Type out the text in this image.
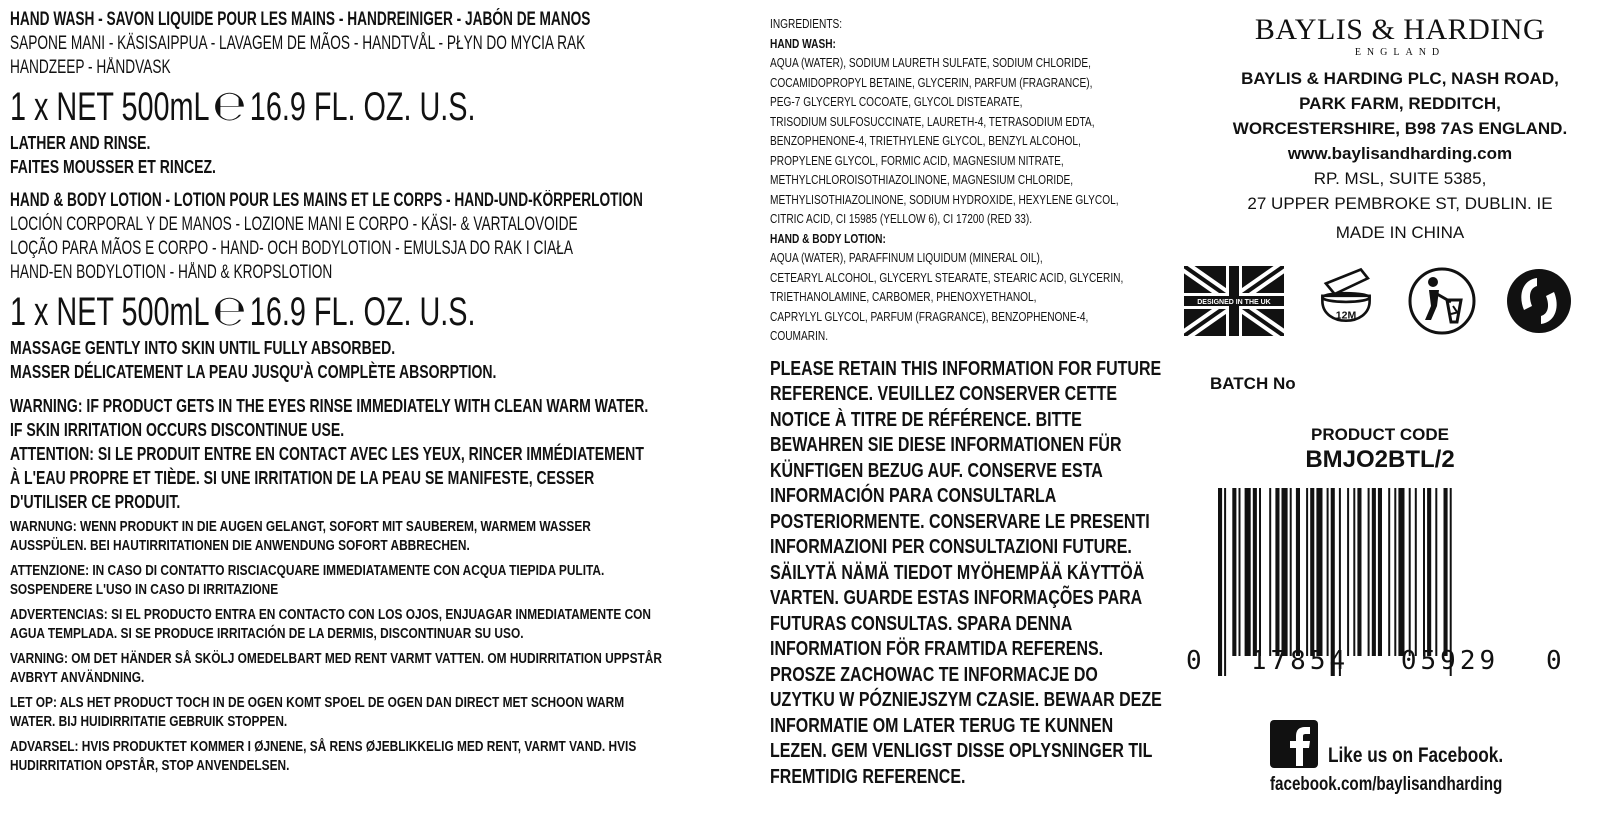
HAND WASH - SAVON LIQUIDE POUR LES MAINS - HANDREINIGER - JABÓN DE MANOS
SAPONE MANI - KÄSISAIPPUA - LAVAGEM DE MÃOS - HANDTVÅL - PŁYN DO MYCIA RAK
HANDZEEP - HÅNDVASK
1 x NET 500mL℮16.9 FL. OZ. U.S.
LATHER AND RINSE.
FAITES MOUSSER ET RINCEZ.
HAND & BODY LOTION - LOTION POUR LES MAINS ET LE CORPS - HAND-UND-KÖRPERLOTION
LOCIÓN CORPORAL Y DE MANOS - LOZIONE MANI E CORPO - KÄSI- & VARTALOVOIDE
LOÇÃO PARA MÃOS E CORPO - HAND- OCH BODYLOTION - EMULSJA DO RAK I CIAŁA
HAND-EN BODYLOTION - HÅND & KROPSLOTION
1 x NET 500mL℮16.9 FL. OZ. U.S.
MASSAGE GENTLY INTO SKIN UNTIL FULLY ABSORBED.
MASSER DÉLICATEMENT LA PEAU JUSQU'À COMPLÈTE ABSORPTION.
WARNING: IF PRODUCT GETS IN THE EYES RINSE IMMEDIATELY WITH CLEAN WARM WATER.
IF SKIN IRRITATION OCCURS DISCONTINUE USE.
ATTENTION: SI LE PRODUIT ENTRE EN CONTACT AVEC LES YEUX, RINCER IMMÉDIATEMENT
À L'EAU PROPRE ET TIÈDE. SI UNE IRRITATION DE LA PEAU SE MANIFESTE, CESSER
D'UTILISER CE PRODUIT.
WARNUNG: WENN PRODUKT IN DIE AUGEN GELANGT, SOFORT MIT SAUBEREM, WARMEM WASSER
AUSSPÜLEN. BEI HAUTIRRITATIONEN DIE ANWENDUNG SOFORT ABBRECHEN.
ATTENZIONE: IN CASO DI CONTATTO RISCIACQUARE IMMEDIATAMENTE CON ACQUA TIEPIDA PULITA.
SOSPENDERE L'USO IN CASO DI IRRITAZIONE
ADVERTENCIAS: SI EL PRODUCTO ENTRA EN CONTACTO CON LOS OJOS, ENJUAGAR INMEDIATAMENTE CON
AGUA TEMPLADA. SI SE PRODUCE IRRITACIÓN DE LA DERMIS, DISCONTINUAR SU USO.
VARNING: OM DET HÄNDER SÅ SKÖLJ OMEDELBART MED RENT VARMT VATTEN. OM HUDIRRITATION UPPSTÅR
AVBRYT ANVÄNDNING.
LET OP: ALS HET PRODUCT TOCH IN DE OGEN KOMT SPOEL DE OGEN DAN DIRECT MET SCHOON WARM
WATER. BIJ HUIDIRRITATIE GEBRUIK STOPPEN.
ADVARSEL: HVIS PRODUKTET KOMMER I ØJNENE, SÅ RENS ØJEBLIKKELIG MED RENT, VARMT VAND. HVIS
HUDIRRITATION OPSTÅR, STOP ANVENDELSEN.
INGREDIENTS:
HAND WASH:
AQUA (WATER), SODIUM LAURETH SULFATE, SODIUM CHLORIDE,
COCAMIDOPROPYL BETAINE, GLYCERIN, PARFUM (FRAGRANCE),
PEG-7 GLYCERYL COCOATE, GLYCOL DISTEARATE,
TRISODIUM SULFOSUCCINATE, LAURETH-4, TETRASODIUM EDTA,
BENZOPHENONE-4, TRIETHYLENE GLYCOL, BENZYL ALCOHOL,
PROPYLENE GLYCOL, FORMIC ACID, MAGNESIUM NITRATE,
METHYLCHLOROISOTHIAZOLINONE, MAGNESIUM CHLORIDE,
METHYLISOTHIAZOLINONE, SODIUM HYDROXIDE, HEXYLENE GLYCOL,
CITRIC ACID, CI 15985 (YELLOW 6), CI 17200 (RED 33).
HAND & BODY LOTION:
AQUA (WATER), PARAFFINUM LIQUIDUM (MINERAL OIL),
CETEARYL ALCOHOL, GLYCERYL STEARATE, STEARIC ACID, GLYCERIN,
TRIETHANOLAMINE, CARBOMER, PHENOXYETHANOL,
CAPRYLYL GLYCOL, PARFUM (FRAGRANCE), BENZOPHENONE-4,
COUMARIN.
PLEASE RETAIN THIS INFORMATION FOR FUTURE
REFERENCE. VEUILLEZ CONSERVER CETTE
NOTICE À TITRE DE RÉFÉRENCE. BITTE
BEWAHREN SIE DIESE INFORMATIONEN FÜR
KÜNFTIGEN BEZUG AUF. CONSERVE ESTA
INFORMACIÓN PARA CONSULTARLA
POSTERIORMENTE. CONSERVARE LE PRESENTI
INFORMAZIONI PER CONSULTAZIONI FUTURE.
SÄILYTÄ NÄMÄ TIEDOT MYÖHEMPÄÄ KÄYTTÖÄ
VARTEN. GUARDE ESTAS INFORMAÇÕES PARA
FUTURAS CONSULTAS. SPARA DENNA
INFORMATION FÖR FRAMTIDA REFERENS.
PROSZE ZACHOWAC TE INFORMACJE DO
UZYTKU W PÓZNIEJSZYM CZASIE. BEWAAR DEZE
INFORMATIE OM LATER TERUG TE KUNNEN
LEZEN. GEM VENLIGST DISSE OPLYSNINGER TIL
FREMTIDIG REFERENCE.
BAYLIS & HARDING
ENGLAND
BAYLIS & HARDING PLC, NASH ROAD,
PARK FARM, REDDITCH,
WORCESTERSHIRE, B98 7AS ENGLAND.
www.baylisandharding.com
RP. MSL, SUITE 5385,
27 UPPER PEMBROKE ST, DUBLIN. IE
MADE IN CHINA
DESIGNED IN THE UK
12M
BATCH No
PRODUCT CODE
BMJO2BTL/2
0	17854	05929	0
Like us on Facebook.
facebook.com/baylisandharding
